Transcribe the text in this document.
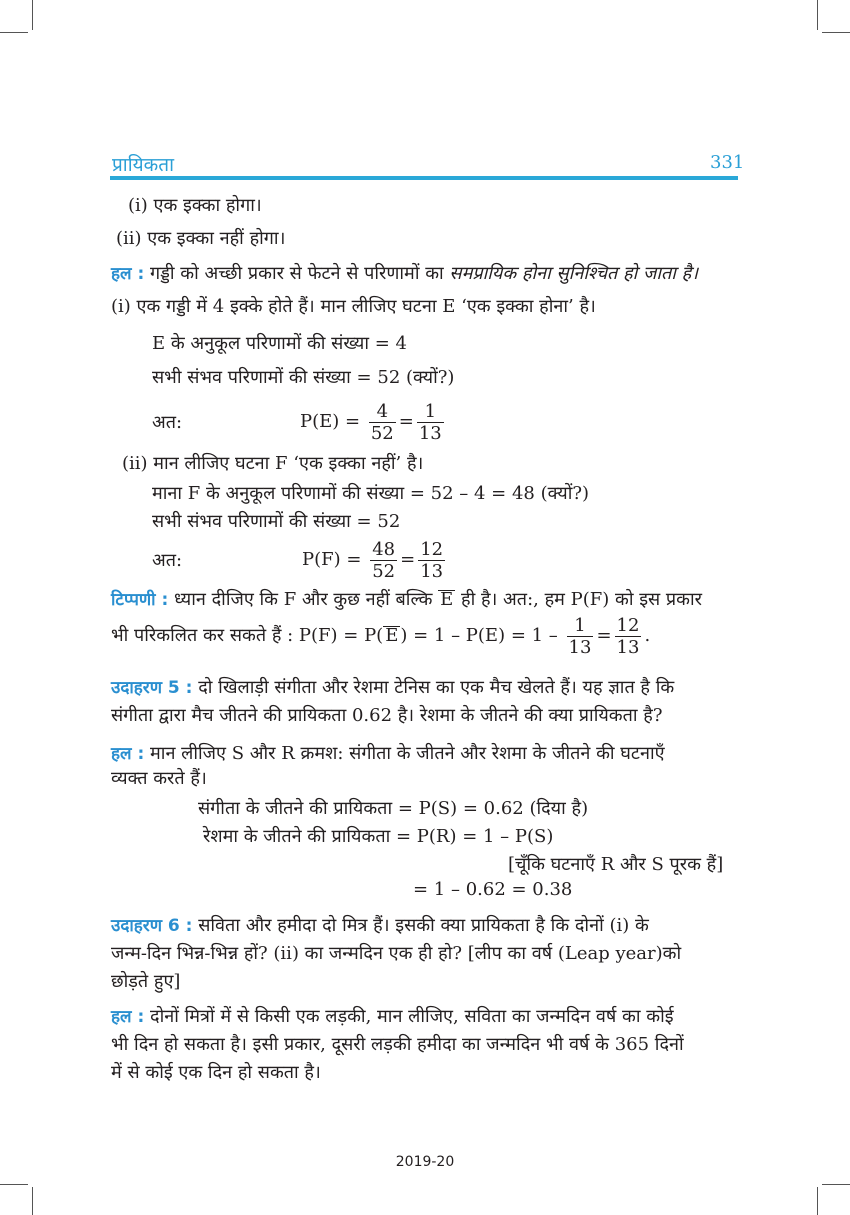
प्रायिकता	331
(i) एक इक्का होगा।
(ii) एक इक्का नहीं होगा।
हल : गड्डी को अच्छी प्रकार से फेटने से परिणामों का समप्रायिक होना सुनिश्चित हो जाता है।
(i) एक गड्डी में 4 इक्के होते हैं। मान लीजिए घटना E ‘एक इक्का होना’ है।
E के अनुकूल परिणामों की संख्या = 4
सभी संभव परिणामों की संख्या = 52 (क्यों?)
अत:	$P(E) = \frac{4}{52} = \frac{1}{13}$
(ii) मान लीजिए घटना F ‘एक इक्का नहीं’ है।
माना F के अनुकूल परिणामों की संख्या = 52 – 4 = 48 (क्यों?)
सभी संभव परिणामों की संख्या = 52
अत:	$P(F) = \frac{48}{52} = \frac{12}{13}$
टिप्पणी : ध्यान दीजिए कि F और कुछ नहीं बल्कि E ही है। अत:, हम P(F) को इस प्रकार
भी परिकलित कर सकते हैं : P(F) = P( E ) = $1 - P(E) = 1 - \frac{1}{13} = \frac{12}{13}$ .
उदाहरण 5 : दो खिलाड़ी संगीता और रेशमा टेनिस का एक मैच खेलते हैं। यह ज्ञात है कि
संगीता द्वारा मैच जीतने की प्रायिकता 0.62 है। रेशमा के जीतने की क्या प्रायिकता है?
हल : मान लीजिए S और R क्रमश: संगीता के जीतने और रेशमा के जीतने की घटनाएँ
व्यक्त करते हैं।
संगीता के जीतने की प्रायिकता = P(S) = 0.62 (दिया है)
रेशमा के जीतने की प्रायिकता = P(R) = 1 – P(S)
[चूँकि घटनाएँ R और S पूरक हैं]
= 1 – 0.62 = 0.38
उदाहरण 6 : सविता और हमीदा दो मित्र हैं। इसकी क्या प्रायिकता है कि दोनों (i) के
जन्म-दिन भिन्न-भिन्न हों? (ii) का जन्मदिन एक ही हो? [लीप का वर्ष (Leap year)को
छोड़ते हुए]
हल : दोनों मित्रों में से किसी एक लड़की, मान लीजिए, सविता का जन्मदिन वर्ष का कोई
भी दिन हो सकता है। इसी प्रकार, दूसरी लड़की हमीदा का जन्मदिन भी वर्ष के 365 दिनों
में से कोई एक दिन हो सकता है।
2019-20
